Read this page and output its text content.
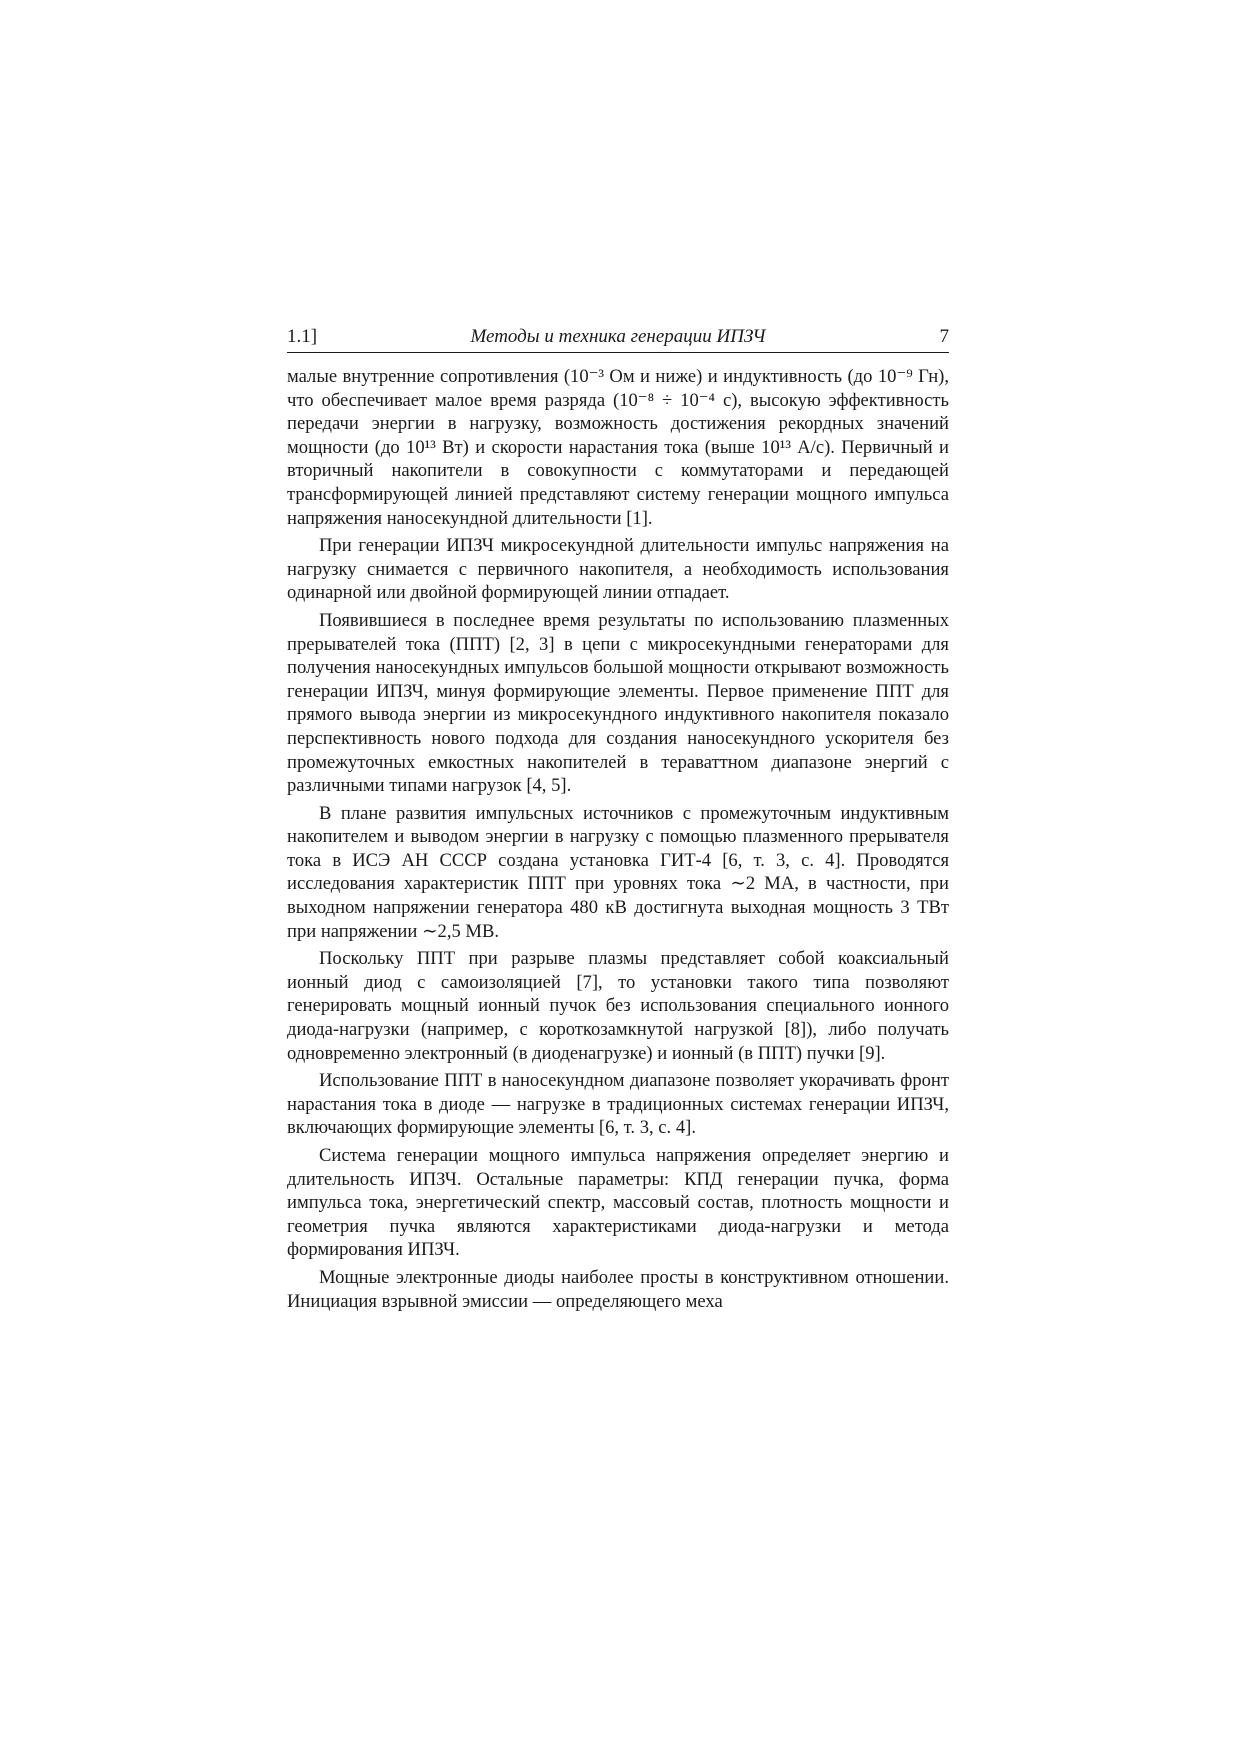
1.1]	Методы и техника генерации ИПЗЧ	7

малые внутренние сопротивления (10⁻³ Ом и ниже) и индуктивность (до 10⁻⁹ Гн), что обеспечивает малое время разряда (10⁻⁸ ÷ 10⁻⁴ с), высокую эффективность передачи энергии в нагрузку, возможность достижения рекордных значений мощности (до 10¹³ Вт) и скорости нарастания тока (выше 10¹³ А/с). Первичный и вторичный накопители в совокупности с коммутаторами и передающей трансформирующей линией представляют систему генерации мощного импульса напряжения наносекундной длительности [1].

При генерации ИПЗЧ микросекундной длительности импульс напряжения на нагрузку снимается с первичного накопителя, а необходимость использования одинарной или двойной формирующей линии отпадает.

Появившиеся в последнее время результаты по использованию плазменных прерывателей тока (ППТ) [2, 3] в цепи с микросекундными генераторами для получения наносекундных импульсов большой мощности открывают возможность генерации ИПЗЧ, минуя формирующие элементы. Первое применение ППТ для прямого вывода энергии из микросекундного индуктивного накопителя показало перспективность нового подхода для создания наносекундного ускорителя без промежуточных емкостных накопителей в тераваттном диапазоне энергий с различными типами нагрузок [4, 5].

В плане развития импульсных источников с промежуточным индуктивным накопителем и выводом энергии в нагрузку с помощью плазменного прерывателя тока в ИСЭ АН СССР создана установка ГИТ-4 [6, т. 3, с. 4]. Проводятся исследования характеристик ППТ при уровнях тока ∼2 МА, в частности, при выходном напряжении генератора 480 кВ достигнута выходная мощность 3 ТВт при напряжении ∼2,5 МВ.

Поскольку ППТ при разрыве плазмы представляет собой коаксиальный ионный диод с самоизоляцией [7], то установки такого типа позволяют генерировать мощный ионный пучок без использования специального ионного диода-нагрузки (например, с короткозамкнутой нагрузкой [8]), либо получать одновременно электронный (в диоденагрузке) и ионный (в ППТ) пучки [9].

Использование ППТ в наносекундном диапазоне позволяет укорачивать фронт нарастания тока в диоде — нагрузке в традиционных системах генерации ИПЗЧ, включающих формирующие элементы [6, т. 3, с. 4].

Система генерации мощного импульса напряжения определяет энергию и длительность ИПЗЧ. Остальные параметры: КПД генерации пучка, форма импульса тока, энергетический спектр, массовый состав, плотность мощности и геометрия пучка являются характеристиками диода-нагрузки и метода формирования ИПЗЧ.

Мощные электронные диоды наиболее просты в конструктивном отношении. Инициация взрывной эмиссии — определяющего меха
